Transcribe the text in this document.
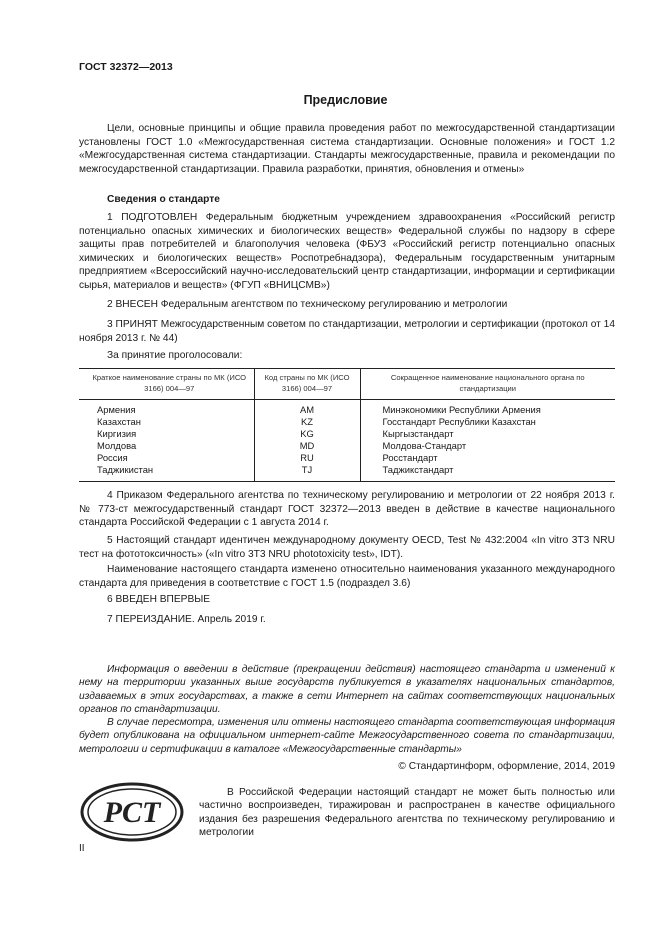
ГОСТ 32372—2013
Предисловие

Цели, основные принципы и общие правила проведения работ по межгосударственной стандартизации установлены ГОСТ 1.0 «Межгосударственная система стандартизации. Основные положения» и ГОСТ 1.2 «Межгосударственная система стандартизации. Стандарты межгосударственные, правила и рекомендации по межгосударственной стандартизации. Правила разработки, принятия, обновления и отмены»

Сведения о стандарте

1 ПОДГОТОВЛЕН Федеральным бюджетным учреждением здравоохранения «Российский регистр потенциально опасных химических и биологических веществ» Федеральной службы по надзору в сфере защиты прав потребителей и благополучия человека (ФБУЗ «Российский регистр потенциально опасных химических и биологических веществ» Роспотребнадзора), Федеральным государственным унитарным предприятием «Всероссийский научно-исследовательский центр стандартизации, информации и сертификации сырья, материалов и веществ» (ФГУП «ВНИЦСМВ»)

2 ВНЕСЕН Федеральным агентством по техническому регулированию и метрологии

3 ПРИНЯТ Межгосударственным советом по стандартизации, метрологии и сертификации (протокол от 14 ноября 2013 г. № 44)

За принятие проголосовали:
Краткое наименование страны по МК (ИСО 3166) 004—97	Код страны по МК (ИСО 3166) 004—97	Сокращенное наименование национального органа по стандартизации
Армения	AM	Минэкономики Республики Армения
Казахстан	KZ	Госстандарт Республики Казахстан
Киргизия	KG	Кыргызстандарт
Молдова	MD	Молдова-Стандарт
Россия	RU	Росстандарт
Таджикистан	TJ	Таджикстандарт

4 Приказом Федерального агентства по техническому регулированию и метрологии от 22 ноября 2013 г. № 773-ст межгосударственный стандарт ГОСТ 32372—2013 введен в действие в качестве национального стандарта Российской Федерации с 1 августа 2014 г.

5 Настоящий стандарт идентичен международному документу OECD, Test № 432:2004 «In vitro 3T3 NRU тест на фототоксичность» («In vitro 3T3 NRU phototoxicity test», IDT).

Наименование настоящего стандарта изменено относительно наименования указанного международного стандарта для приведения в соответствие с ГОСТ 1.5 (подраздел 3.6)

6 ВВЕДЕН ВПЕРВЫЕ

7 ПЕРЕИЗДАНИЕ. Апрель 2019 г.

Информация о введении в действие (прекращении действия) настоящего стандарта и изменений к нему на территории указанных выше государств публикуется в указателях национальных стандартов, издаваемых в этих государствах, а также в сети Интернет на сайтах соответствующих национальных органов по стандартизации.

В случае пересмотра, изменения или отмены настоящего стандарта соответствующая информация будет опубликована на официальном интернет-сайте Межгосударственного совета по стандартизации, метрологии и сертификации в каталоге «Межгосударственные стандарты»

© Стандартинформ, оформление, 2014, 2019
РСТ

В Российской Федерации настоящий стандарт не может быть полностью или частично воспроизведен, тиражирован и распространен в качестве официального издания без разрешения Федерального агентства по техническому регулированию и метрологии

II
